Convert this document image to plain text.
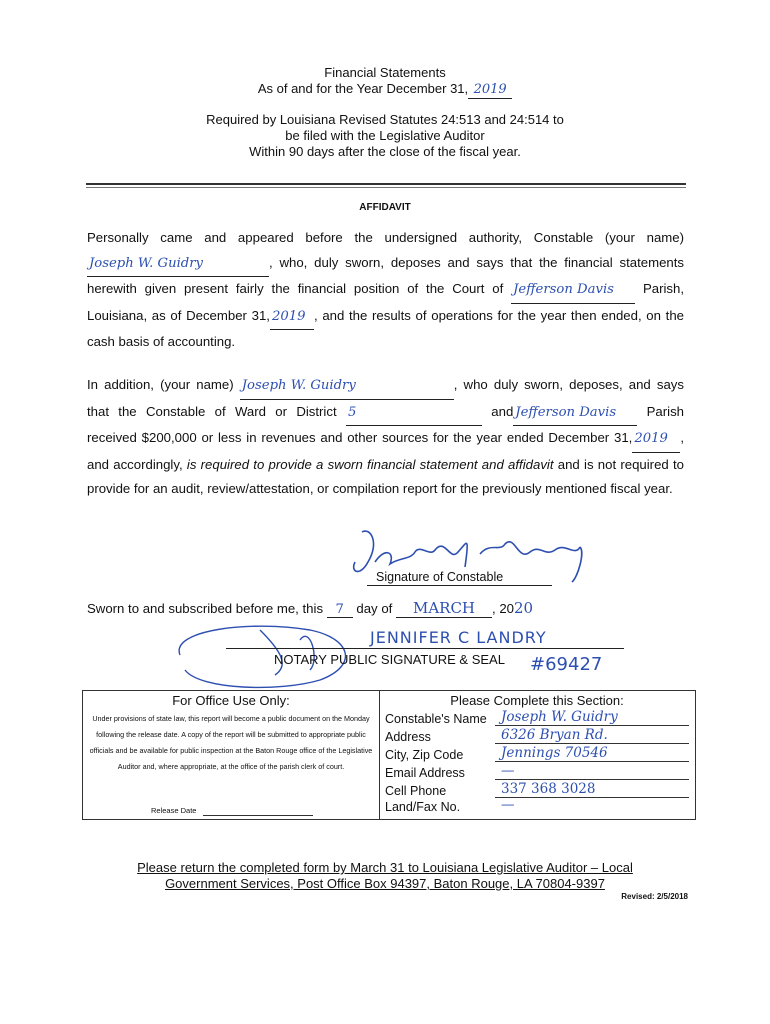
Financial Statements
As of and for the Year December 31, 2019
Required by Louisiana Revised Statutes 24:513 and 24:514 to
be filed with the Legislative Auditor
Within 90 days after the close of the fiscal year.
AFFIDAVIT

Personally came and appeared before the undersigned authority, Constable (your name) Joseph W. Guidry	, who, duly sworn, deposes and says that the financial statements herewith given present fairly the financial position of the Court of Jefferson Davis Parish, Louisiana, as of December 31, 2019 , and the results of operations for the year then ended, on the cash basis of accounting.

In addition, (your name) Joseph W. Guidry	, who duly sworn, deposes, and says that the Constable of Ward or District 5	and Jefferson Davis Parish received $200,000 or less in revenues and other sources for the year ended December 31, 2019 , and accordingly, is required to provide a sworn financial statement and affidavit and is not required to provide for an audit, review/attestation, or compilation report for the previously mentioned fiscal year.

Signature of Constable
Sworn to and subscribed before me, this 7 day of MARCH , 2020
JENNIFER C LANDRY
NOTARY PUBLIC SIGNATURE & SEAL #69427
For Office Use Only:
Under provisions of state law, this report will become a public document on the Monday following the release date. A copy of the report will be submitted to appropriate public officials and be available for public inspection at the Baton Rouge office of the Legislative Auditor and, where appropriate, at the office of the parish clerk of court.
Release Date
Please Complete this Section:
Constable's Name	Joseph W. Guidry
Address	6326 Bryan Rd.
City, Zip Code	Jennings 70546
Email Address	—
Cell Phone	337 368 3028
Land/Fax No.	—
Please return the completed form by March 31 to Louisiana Legislative Auditor – Local
Government Services, Post Office Box 94397, Baton Rouge, LA 70804-9397
Revised: 2/5/2018
